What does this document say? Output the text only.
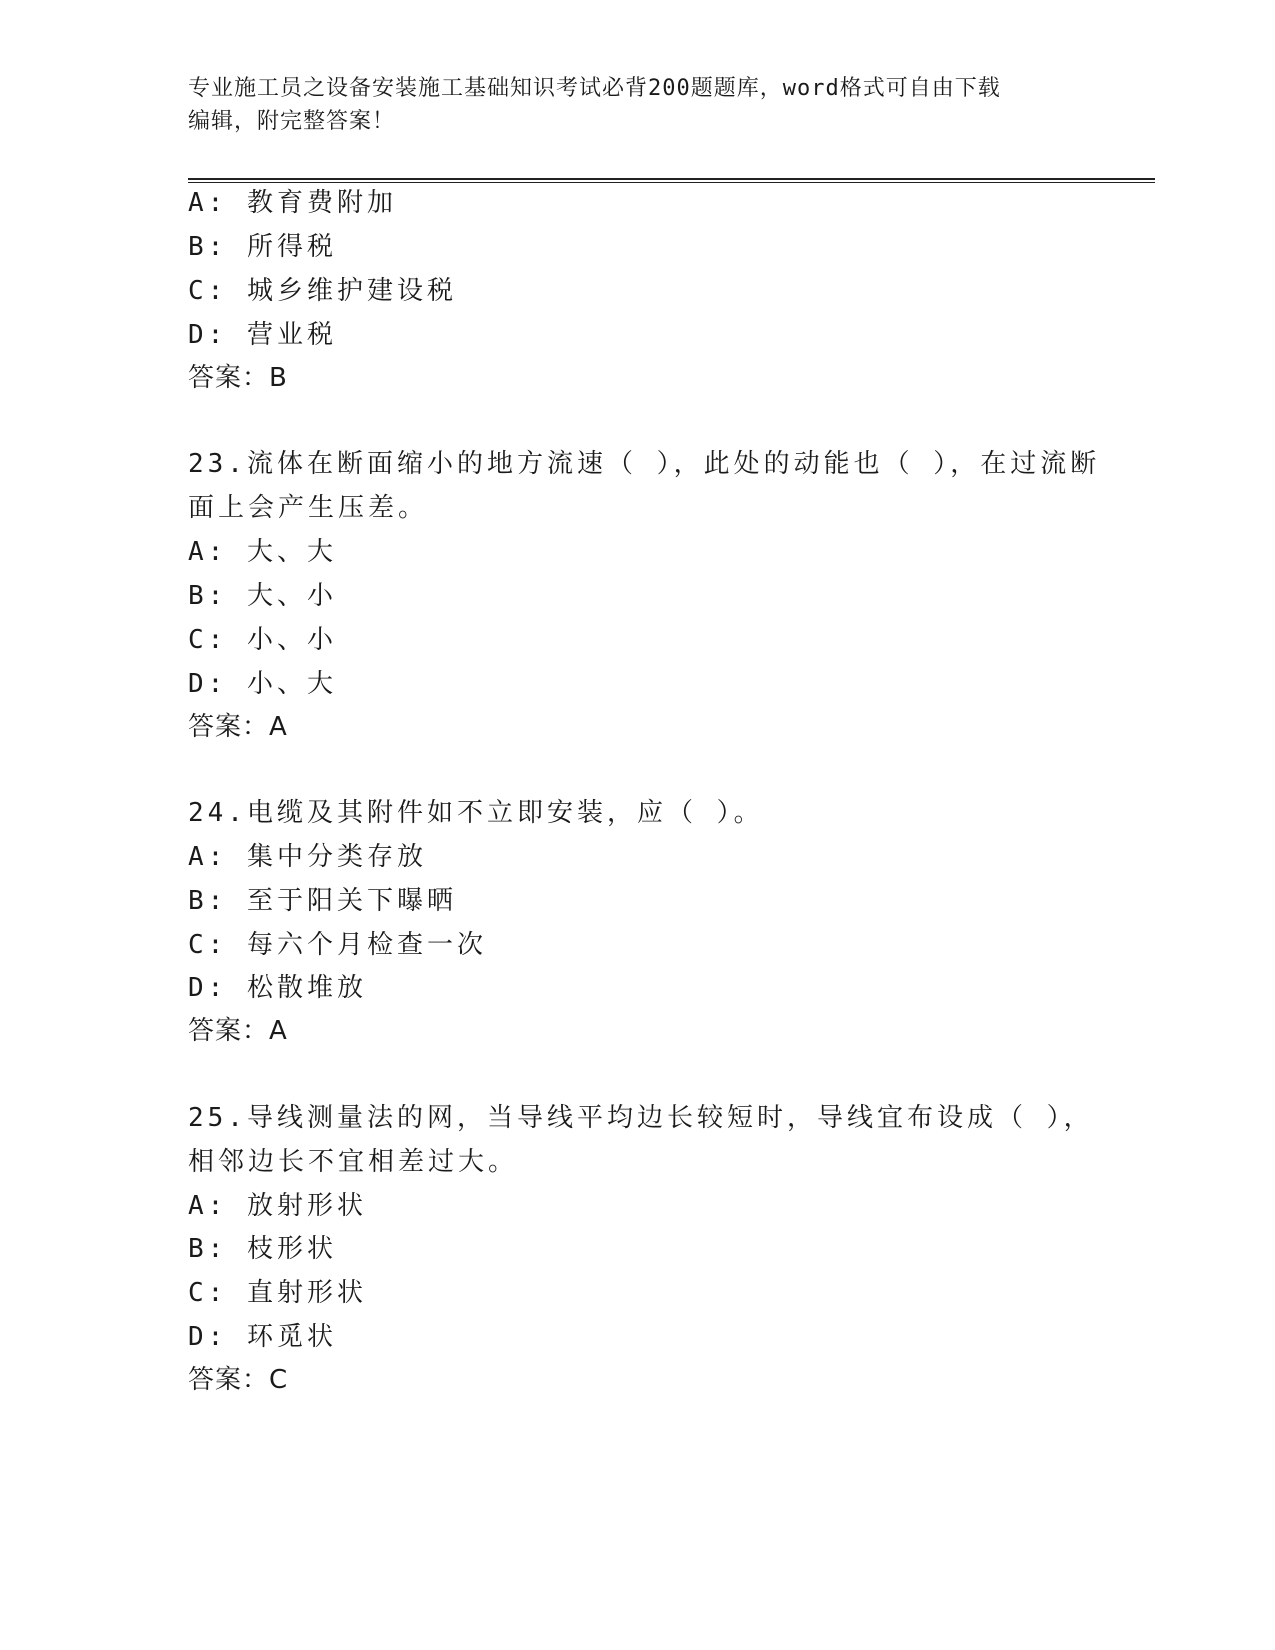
专业施工员之设备安装施工基础知识考试必背200题题库，word格式可自由下载
编辑，附完整答案！
A: 教育费附加
B: 所得税
C: 城乡维护建设税
D: 营业税
答案：B
23.流体在断面缩小的地方流速（ ），此处的动能也（ ），在过流断
面上会产生压差。
A: 大、大
B: 大、小
C: 小、小
D: 小、大
答案：A
24.电缆及其附件如不立即安装，应（ ）。
A: 集中分类存放
B: 至于阳关下曝晒
C: 每六个月检查一次
D: 松散堆放
答案：A
25.导线测量法的网，当导线平均边长较短时，导线宜布设成（ ），
相邻边长不宜相差过大。
A: 放射形状
B: 枝形状
C: 直射形状
D: 环觅状
答案：C
